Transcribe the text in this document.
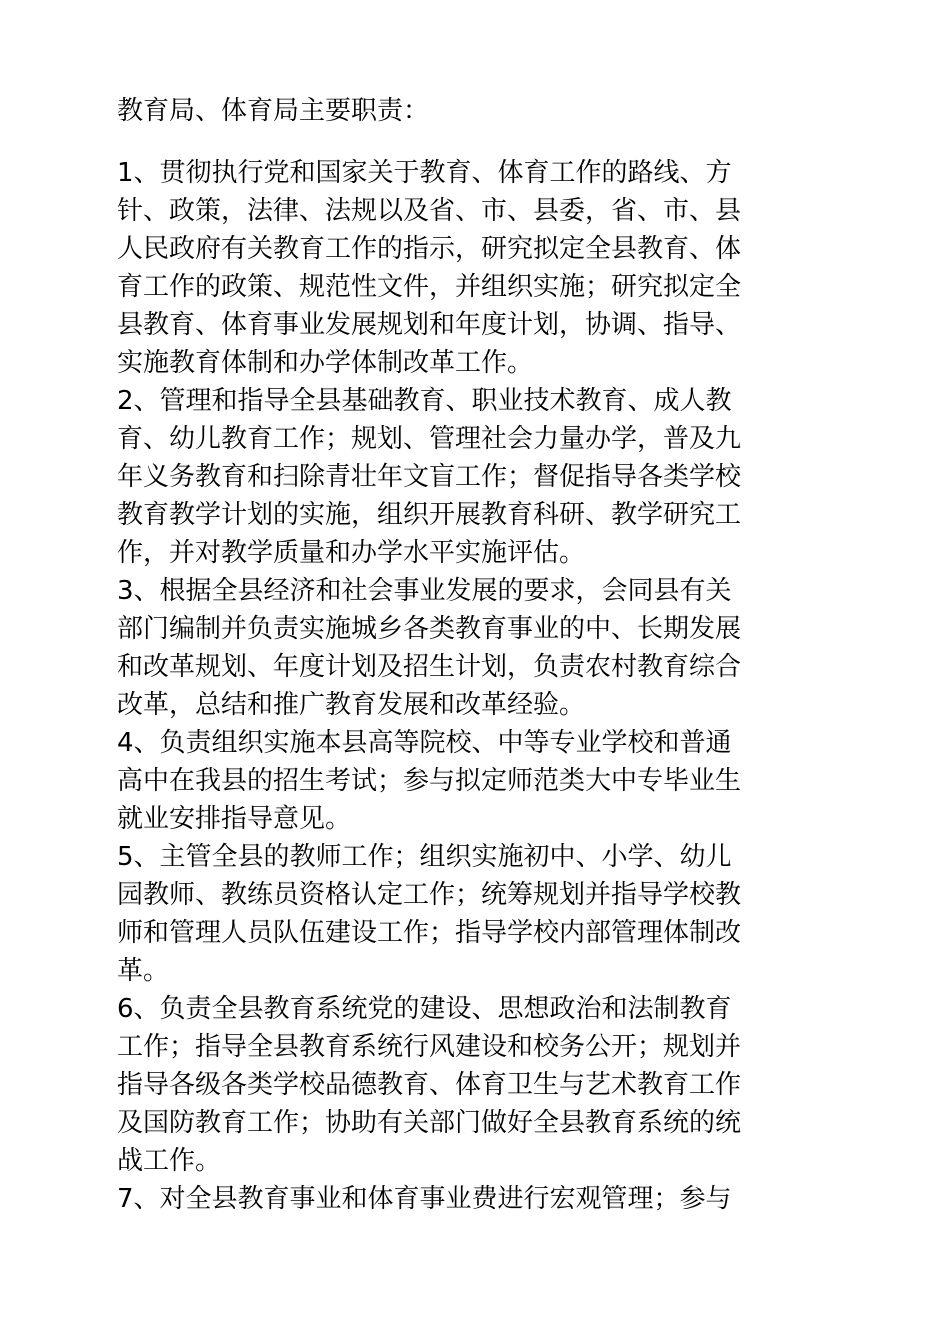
教育局、体育局主要职责：
1、贯彻执行党和国家关于教育、体育工作的路线、方
针、政策，法律、法规以及省、市、县委，省、市、县
人民政府有关教育工作的指示，研究拟定全县教育、体
育工作的政策、规范性文件，并组织实施；研究拟定全
县教育、体育事业发展规划和年度计划，协调、指导、
实施教育体制和办学体制改革工作。
2、管理和指导全县基础教育、职业技术教育、成人教
育、幼儿教育工作；规划、管理社会力量办学，普及九
年义务教育和扫除青壮年文盲工作；督促指导各类学校
教育教学计划的实施，组织开展教育科研、教学研究工
作，并对教学质量和办学水平实施评估。
3、根据全县经济和社会事业发展的要求，会同县有关
部门编制并负责实施城乡各类教育事业的中、长期发展
和改革规划、年度计划及招生计划，负责农村教育综合
改革，总结和推广教育发展和改革经验。
4、负责组织实施本县高等院校、中等专业学校和普通
高中在我县的招生考试；参与拟定师范类大中专毕业生
就业安排指导意见。
5、主管全县的教师工作；组织实施初中、小学、幼儿
园教师、教练员资格认定工作；统筹规划并指导学校教
师和管理人员队伍建设工作；指导学校内部管理体制改
革。
6、负责全县教育系统党的建设、思想政治和法制教育
工作；指导全县教育系统行风建设和校务公开；规划并
指导各级各类学校品德教育、体育卫生与艺术教育工作
及国防教育工作；协助有关部门做好全县教育系统的统
战工作。
7、对全县教育事业和体育事业费进行宏观管理；参与
